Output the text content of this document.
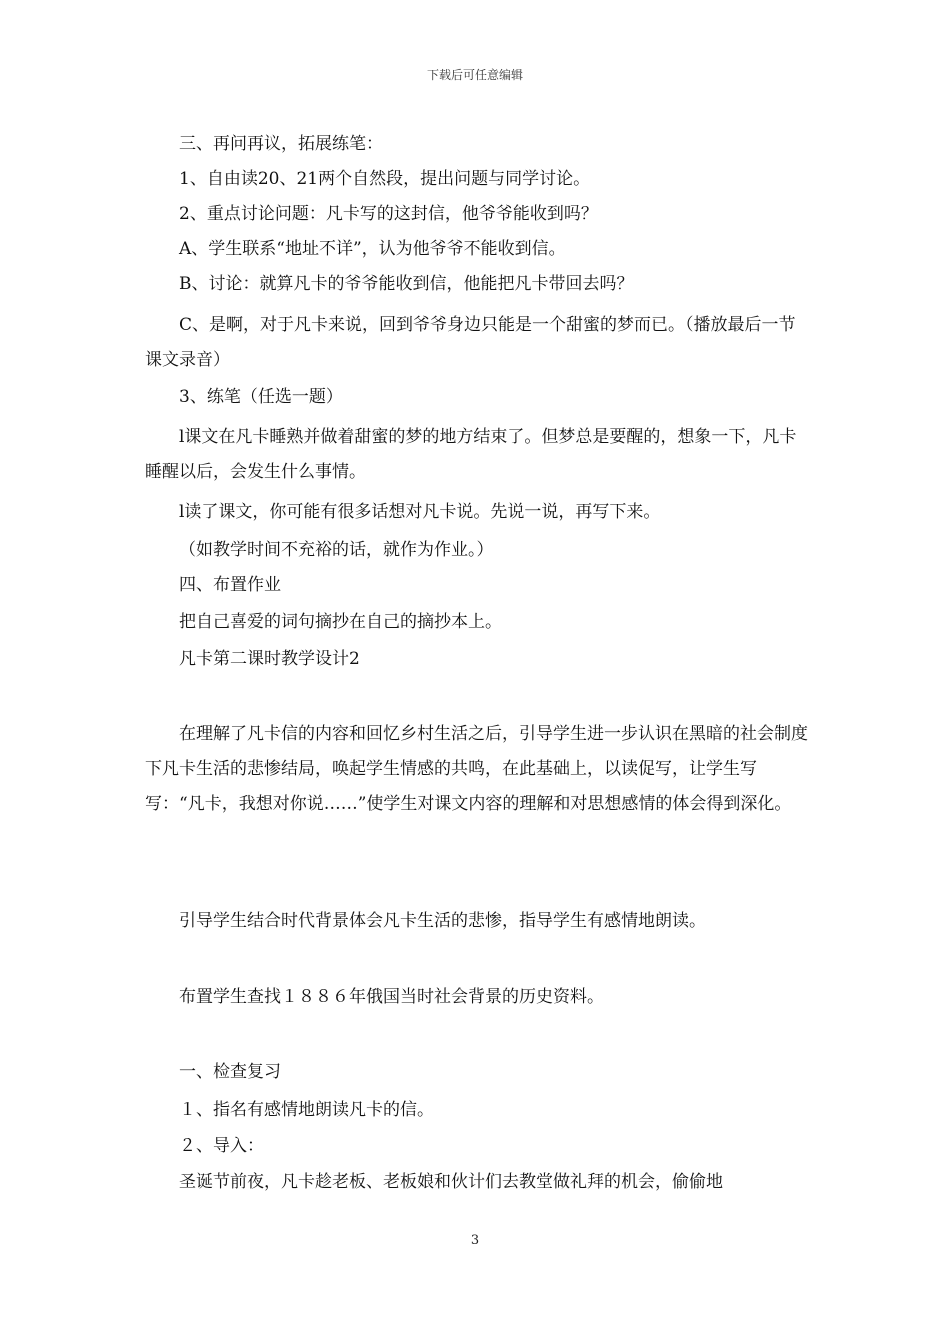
下载后可任意编辑
三、再问再议，拓展练笔：
1、自由读20、21两个自然段，提出问题与同学讨论。
2、重点讨论问题：凡卡写的这封信，他爷爷能收到吗？
A、学生联系“地址不详”，认为他爷爷不能收到信。
B、讨论：就算凡卡的爷爷能收到信，他能把凡卡带回去吗？
C、是啊，对于凡卡来说，回到爷爷身边只能是一个甜蜜的梦而已。（播放最后一节课文录音）
3、练笔（任选一题）
l课文在凡卡睡熟并做着甜蜜的梦的地方结束了。但梦总是要醒的，想象一下，凡卡睡醒以后，会发生什么事情。
l读了课文，你可能有很多话想对凡卡说。先说一说，再写下来。
（如教学时间不充裕的话，就作为作业。）
四、布置作业
把自己喜爱的词句摘抄在自己的摘抄本上。
凡卡第二课时教学设计2
在理解了凡卡信的内容和回忆乡村生活之后，引导学生进一步认识在黑暗的社会制度下凡卡生活的悲惨结局，唤起学生情感的共鸣，在此基础上，以读促写，让学生写写：“凡卡，我想对你说……”使学生对课文内容的理解和对思想感情的体会得到深化。
引导学生结合时代背景体会凡卡生活的悲惨，指导学生有感情地朗读。
布置学生查找１８８６年俄国当时社会背景的历史资料。
一、检查复习
１、指名有感情地朗读凡卡的信。
２、导入：
圣诞节前夜，凡卡趁老板、老板娘和伙计们去教堂做礼拜的机会，偷偷地
3
